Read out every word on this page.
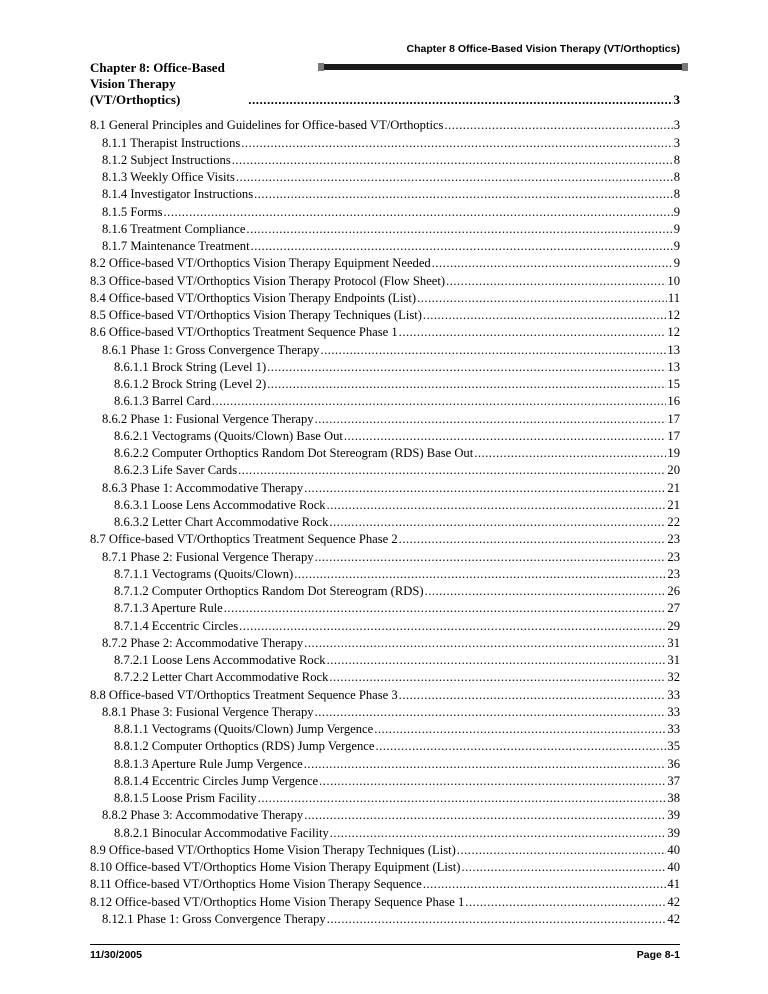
Chapter 8 Office-Based Vision Therapy (VT/Orthoptics)
Chapter 8: Office-Based Vision Therapy (VT/Orthoptics) .....	3
8.1 General Principles and Guidelines for Office-based VT/Orthoptics .....	3
8.1.1 Therapist Instructions .....	3
8.1.2 Subject Instructions .....	8
8.1.3 Weekly Office Visits .....	8
8.1.4 Investigator Instructions .....	8
8.1.5 Forms .....	9
8.1.6 Treatment Compliance .....	9
8.1.7 Maintenance Treatment .....	9
8.2 Office-based VT/Orthoptics Vision Therapy Equipment Needed .....	9
8.3 Office-based VT/Orthoptics Vision Therapy Protocol (Flow Sheet) .....	10
8.4 Office-based VT/Orthoptics Vision Therapy Endpoints (List) .....	11
8.5 Office-based VT/Orthoptics Vision Therapy Techniques (List) .....	12
8.6 Office-based VT/Orthoptics Treatment Sequence Phase 1 .....	12
8.6.1 Phase 1: Gross Convergence Therapy .....	13
8.6.1.1 Brock String (Level 1) .....	13
8.6.1.2 Brock String (Level 2) .....	15
8.6.1.3 Barrel Card .....	16
8.6.2 Phase 1: Fusional Vergence Therapy .....	17
8.6.2.1 Vectograms (Quoits/Clown) Base Out .....	17
8.6.2.2 Computer Orthoptics Random Dot Stereogram (RDS) Base Out .....	19
8.6.2.3 Life Saver Cards .....	20
8.6.3 Phase 1: Accommodative Therapy .....	21
8.6.3.1 Loose Lens Accommodative Rock .....	21
8.6.3.2 Letter Chart Accommodative Rock .....	22
8.7 Office-based VT/Orthoptics Treatment Sequence Phase 2 .....	23
8.7.1 Phase 2: Fusional Vergence Therapy .....	23
8.7.1.1 Vectograms (Quoits/Clown) .....	23
8.7.1.2 Computer Orthoptics Random Dot Stereogram (RDS) .....	26
8.7.1.3 Aperture Rule .....	27
8.7.1.4 Eccentric Circles .....	29
8.7.2 Phase 2: Accommodative Therapy .....	31
8.7.2.1 Loose Lens Accommodative Rock .....	31
8.7.2.2 Letter Chart Accommodative Rock .....	32
8.8 Office-based VT/Orthoptics Treatment Sequence Phase 3 .....	33
8.8.1 Phase 3: Fusional Vergence Therapy .....	33
8.8.1.1 Vectograms (Quoits/Clown) Jump Vergence .....	33
8.8.1.2 Computer Orthoptics (RDS) Jump Vergence .....	35
8.8.1.3 Aperture Rule Jump Vergence .....	36
8.8.1.4 Eccentric Circles Jump Vergence .....	37
8.8.1.5 Loose Prism Facility .....	38
8.8.2 Phase 3: Accommodative Therapy .....	39
8.8.2.1 Binocular Accommodative Facility .....	39
8.9 Office-based VT/Orthoptics Home Vision Therapy Techniques (List) .....	40
8.10 Office-based VT/Orthoptics Home Vision Therapy Equipment (List) .....	40
8.11 Office-based VT/Orthoptics Home Vision Therapy Sequence .....	41
8.12 Office-based VT/Orthoptics Home Vision Therapy Sequence Phase 1 .....	42
8.12.1 Phase 1: Gross Convergence Therapy .....	42
11/30/2005	Page 8-1
